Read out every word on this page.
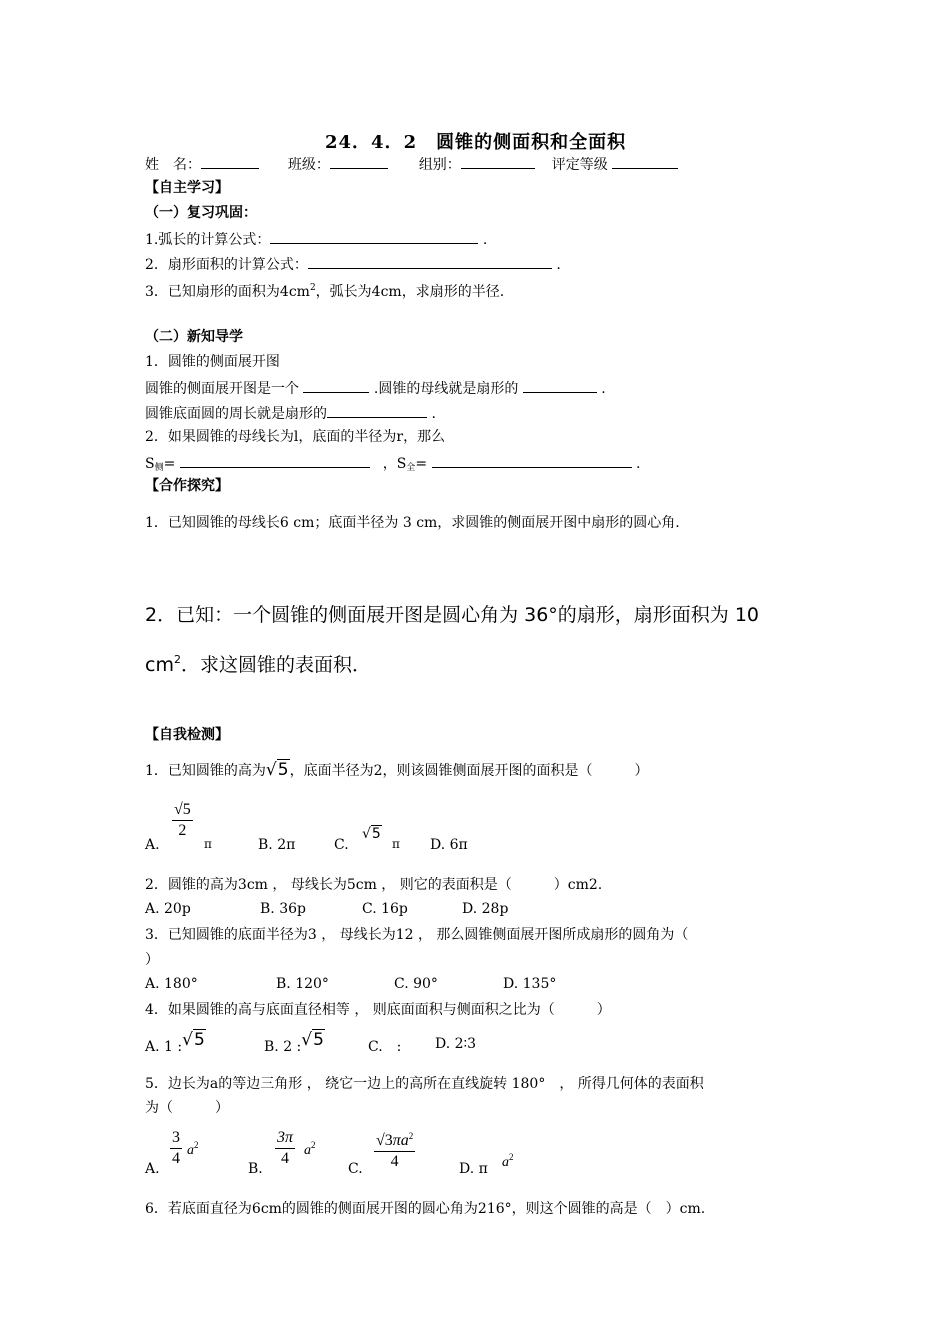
24．4．2　圆锥的侧面积和全面积
姓　名：	班级：	组别：	评定等级
【自主学习】
（一）复习巩固：
1.弧长的计算公式：	.
2．扇形面积的计算公式：	.
3．已知扇形的面积为$4cm^2$，弧长为4cm，求扇形的半径.
（二）新知导学
1．圆锥的侧面展开图
圆锥的侧面展开图是一个	.圆锥的母线就是扇形的	.
圆锥底面圆的周长就是扇形的	.
2．如果圆锥的母线长为l，底面的半径为r，那么
$S_侧=$	，$S_全=$	.
【合作探究】
1．已知圆锥的母线长6 cm；底面半径为 3 cm，求圆锥的侧面展开图中扇形的圆心角.
2．已知：一个圆锥的侧面展开图是圆心角为 36°的扇形，扇形面积为 10
$cm^2$．求这圆锥的表面积．
【自我检测】
1．已知圆锥的高为√5，底面半径为2，则该圆锥侧面展开图的面积是（　　　）
A.
$\frac{√5}{2}$
π	B. 2π	C.
√5
π D. 6π
2．圆锥的高为3cm ， 母线长为5cm ， 则它的表面积是（　　　）cm2.
A. 20p	B. 36p	C. 16p	D. 28p
3．已知圆锥的底面半径为3 ， 母线长为12 ， 那么圆锥侧面展开图所成扇形的圆角为（
）
A. 180°	B. 120°	C. 90°	D. 135°
4．如果圆锥的高与底面直径相等 ， 则底面面积与侧面积之比为（　　　）
A. 1 :√5	B. 2 :√5	C.　: D. 2∶3
5．边长为a的等边三角形 ， 绕它一边上的高所在直线旋转 180°　， 所得几何体的表面积
为（　　　）
A. $\frac{3}{4} a^2$
B. $\frac{3\pi}{4} a^2$
C. $\frac{√3\pi a^2}{4}$	D. π $a^2$
6．若底面直径为6cm的圆锥的侧面展开图的圆心角为216°，则这个圆锥的高是（　）cm.
